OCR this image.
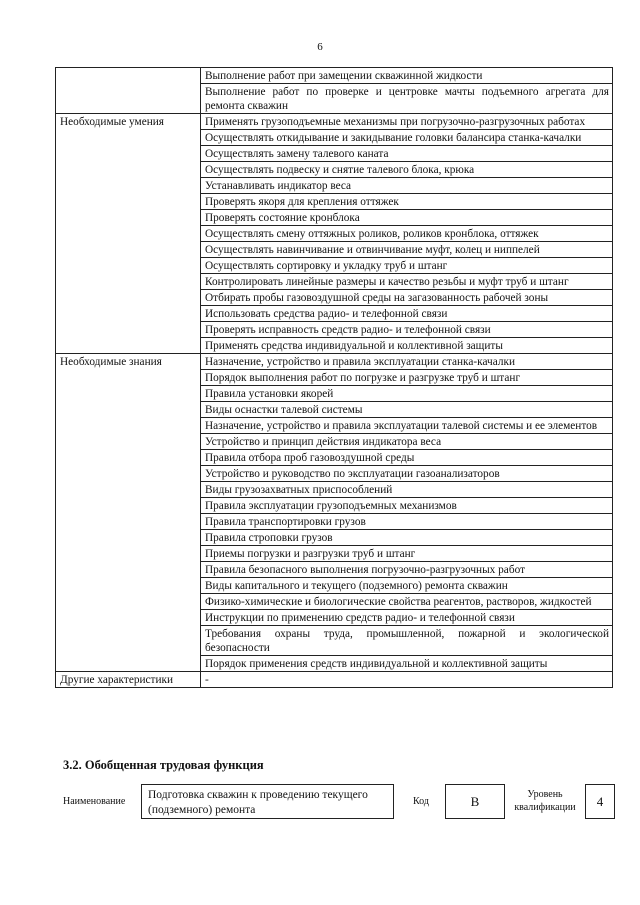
6
	Выполнение работ при замещении скважинной жидкости
	Выполнение работ по проверке и центровке мачты подъемного агрегата для ремонта скважин
Необходимые умения	Применять грузоподъемные механизмы при погрузочно-разгрузочных работах
	Осуществлять откидывание и закидывание головки балансира станка-качалки
	Осуществлять замену талевого каната
	Осуществлять подвеску и снятие талевого блока, крюка
	Устанавливать индикатор веса
	Проверять якоря для крепления оттяжек
	Проверять состояние кронблока
	Осуществлять смену оттяжных роликов, роликов кронблока, оттяжек
	Осуществлять навинчивание и отвинчивание муфт, колец и ниппелей
	Осуществлять сортировку и укладку труб и штанг
	Контролировать линейные размеры и качество резьбы и муфт труб и штанг
	Отбирать пробы газовоздушной среды на загазованность рабочей зоны
	Использовать средства радио- и телефонной связи
	Проверять исправность средств радио- и телефонной связи
	Применять средства индивидуальной и коллективной защиты
Необходимые знания	Назначение, устройство и правила эксплуатации станка-качалки
	Порядок выполнения работ по погрузке и разгрузке труб и штанг
	Правила установки якорей
	Виды оснастки талевой системы
	Назначение, устройство и правила эксплуатации талевой системы и ее элементов
	Устройство и принцип действия индикатора веса
	Правила отбора проб газовоздушной среды
	Устройство и руководство по эксплуатации газоанализаторов
	Виды грузозахватных приспособлений
	Правила эксплуатации грузоподъемных механизмов
	Правила транспортировки грузов
	Правила строповки грузов
	Приемы погрузки и разгрузки труб и штанг
	Правила безопасного выполнения погрузочно-разгрузочных работ
	Виды капитального и текущего (подземного) ремонта скважин
	Физико-химические и биологические свойства реагентов, растворов, жидкостей
	Инструкции по применению средств радио- и телефонной связи
	Требования охраны труда, промышленной, пожарной и экологической безопасности
	Порядок применения средств индивидуальной и коллективной защиты
Другие характеристики	-
3.2. Обобщенная трудовая функция
Наименование
Подготовка скважин к проведению текущего (подземного) ремонта
Код	B	Уровень квалификации	4
